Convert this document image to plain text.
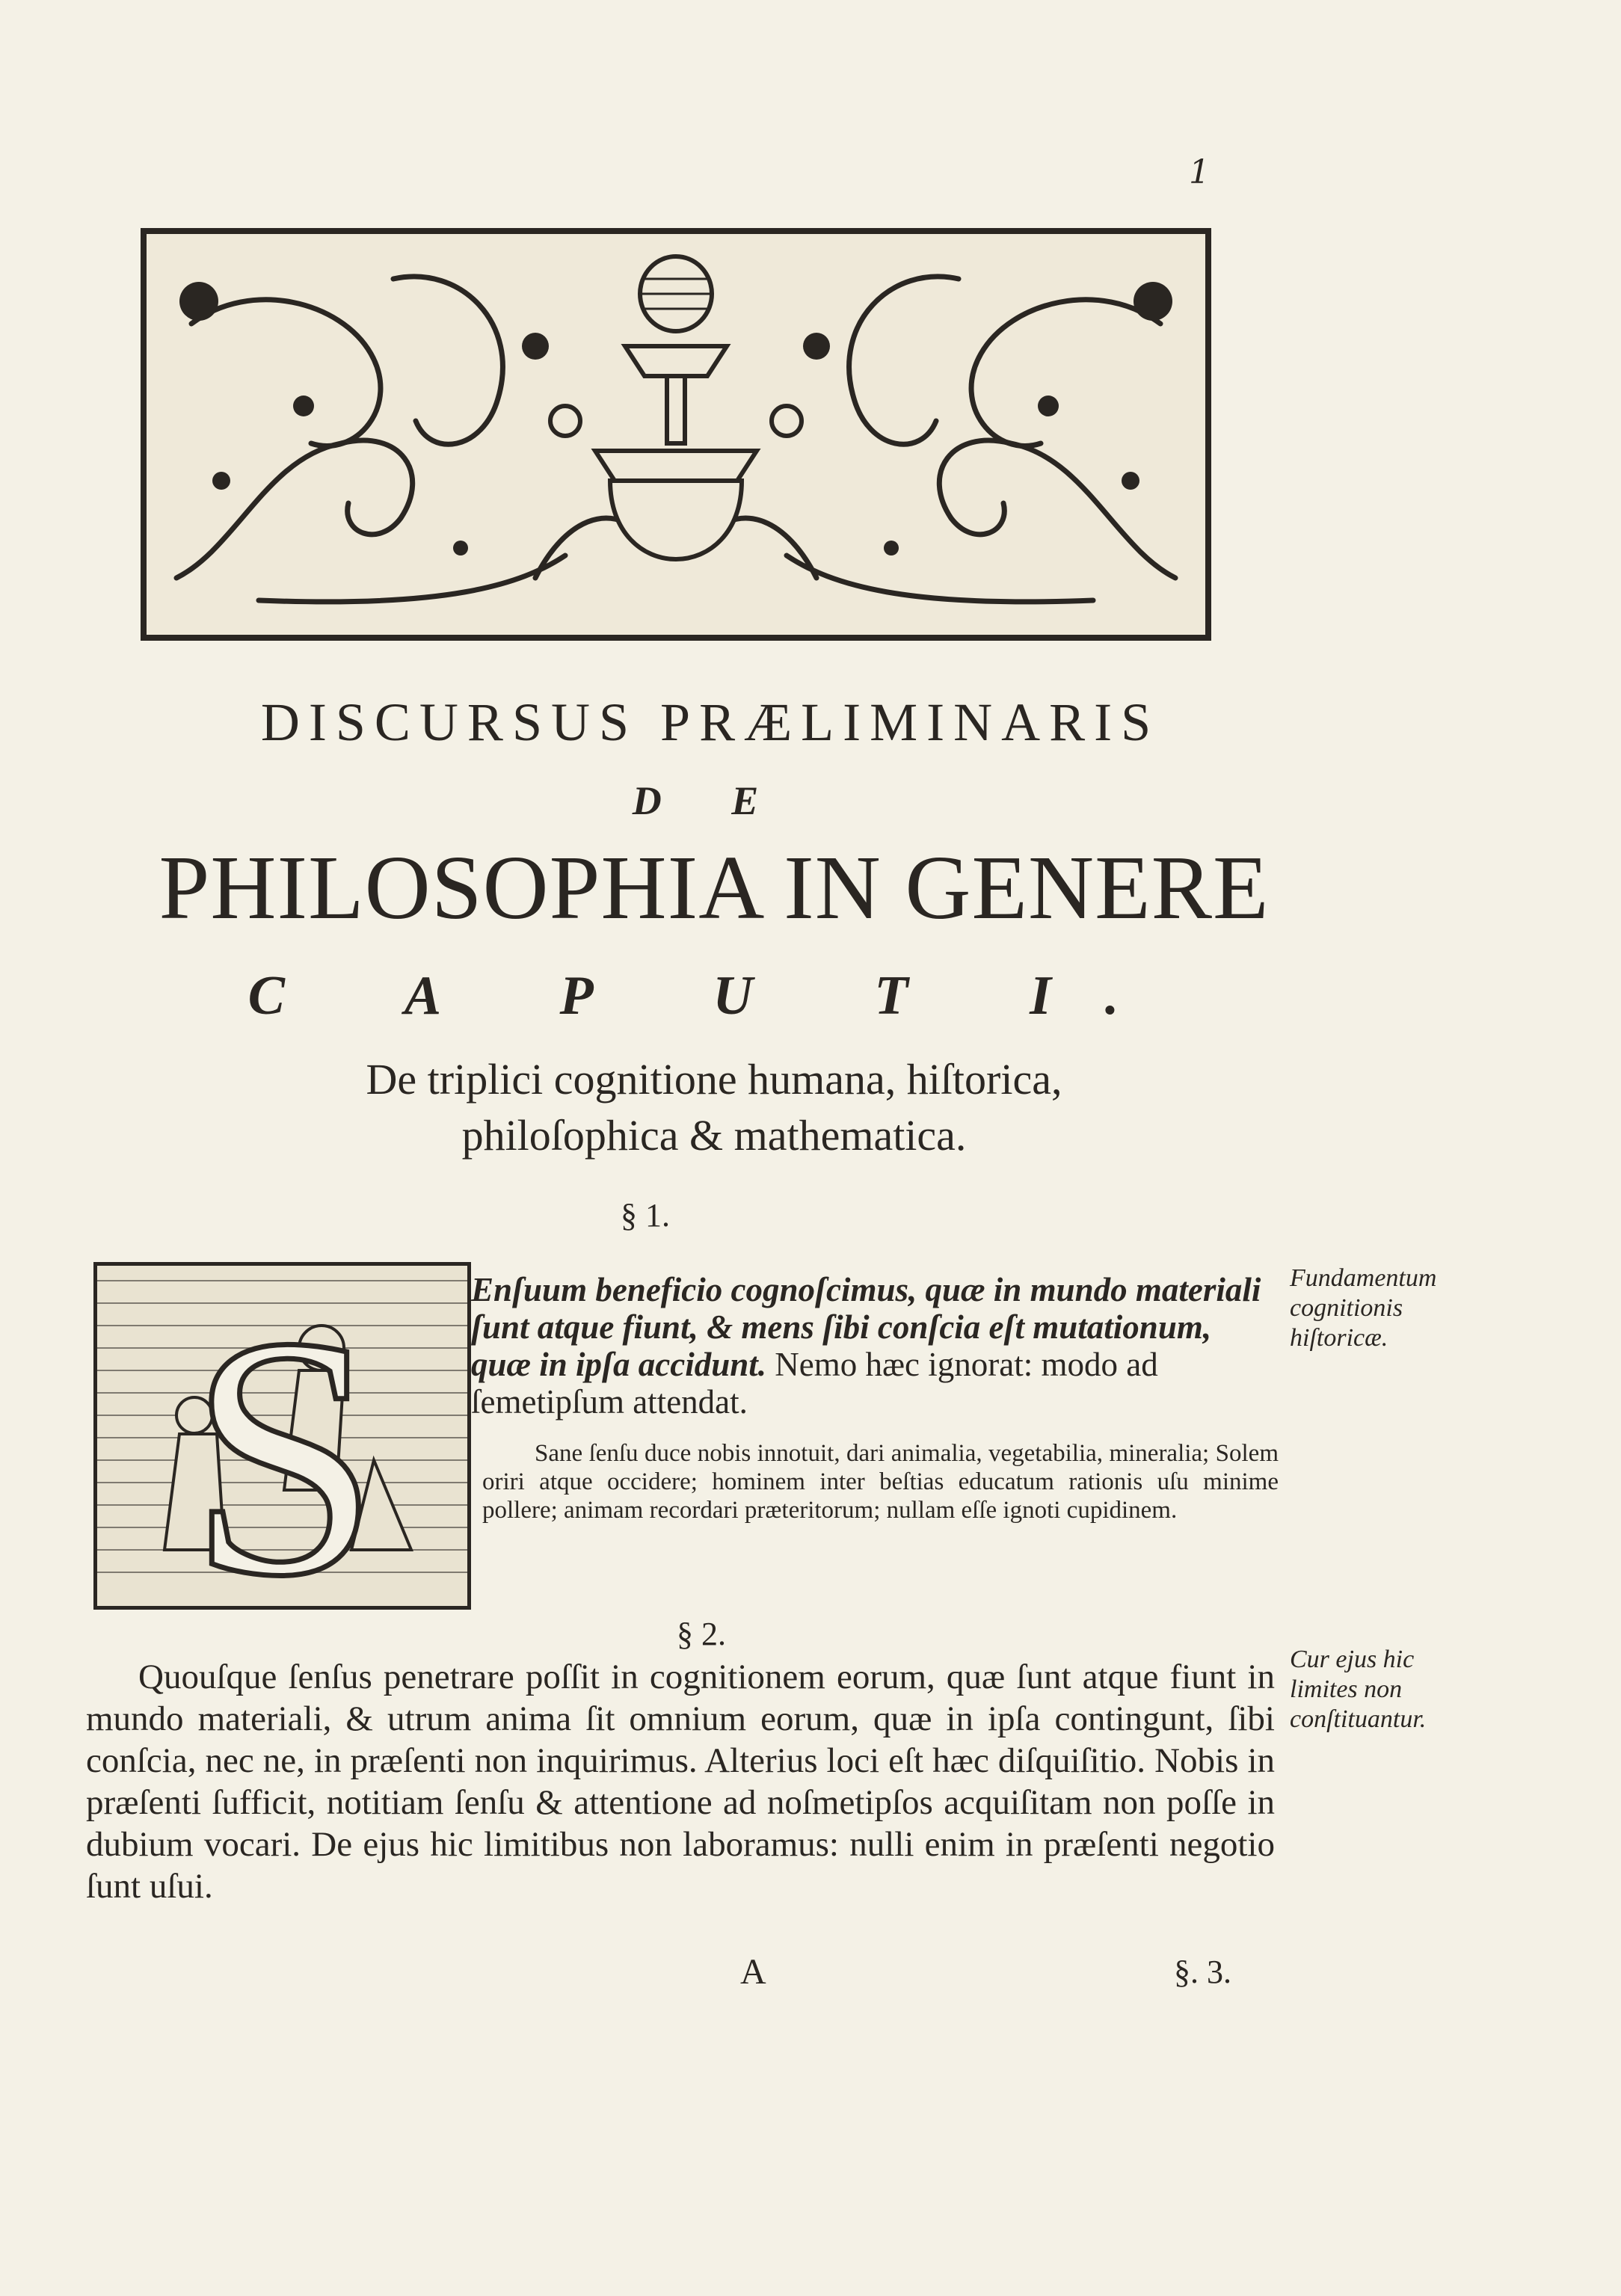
1
DISCURSUS PRÆLIMINARIS
D E
PHILOSOPHIA IN GENERE
C A P U T I.
De triplici cognitione humana, hiſtorica,
philoſophica & mathematica.
§ 1.
S	Enſuum beneficio cognoſcimus, quæ in mundo materiali ſunt atque fiunt, & mens ſibi conſcia eſt mutationum, quæ in ipſa accidunt. Nemo hæc ignorat: modo ad ſemetipſum attendat.
Sane ſenſu duce nobis innotuit, dari animalia, vegetabilia, mineralia; Solem oriri atque occidere; hominem inter beſtias educatum rationis uſu minime pollere; animam recordari præteritorum; nullam eſſe ignoti cupidinem.
Fundamentum cognitionis hiſtoricæ.
§ 2.
Quouſque ſenſus penetrare poſſit in cognitionem eorum, quæ ſunt atque fiunt in mundo materiali, & utrum anima ſit omnium eorum, quæ in ipſa contingunt, ſibi conſcia, nec ne, in præſenti non inquirimus. Alterius loci eſt hæc diſquiſitio. Nobis in præſenti ſufficit, notitiam ſenſu & attentione ad noſmetipſos acquiſitam non poſſe in dubium vocari. De ejus hic limitibus non laboramus: nulli enim in præſenti negotio ſunt uſui.
Cur ejus hic limites non conſtituantur.
A	§. 3.
